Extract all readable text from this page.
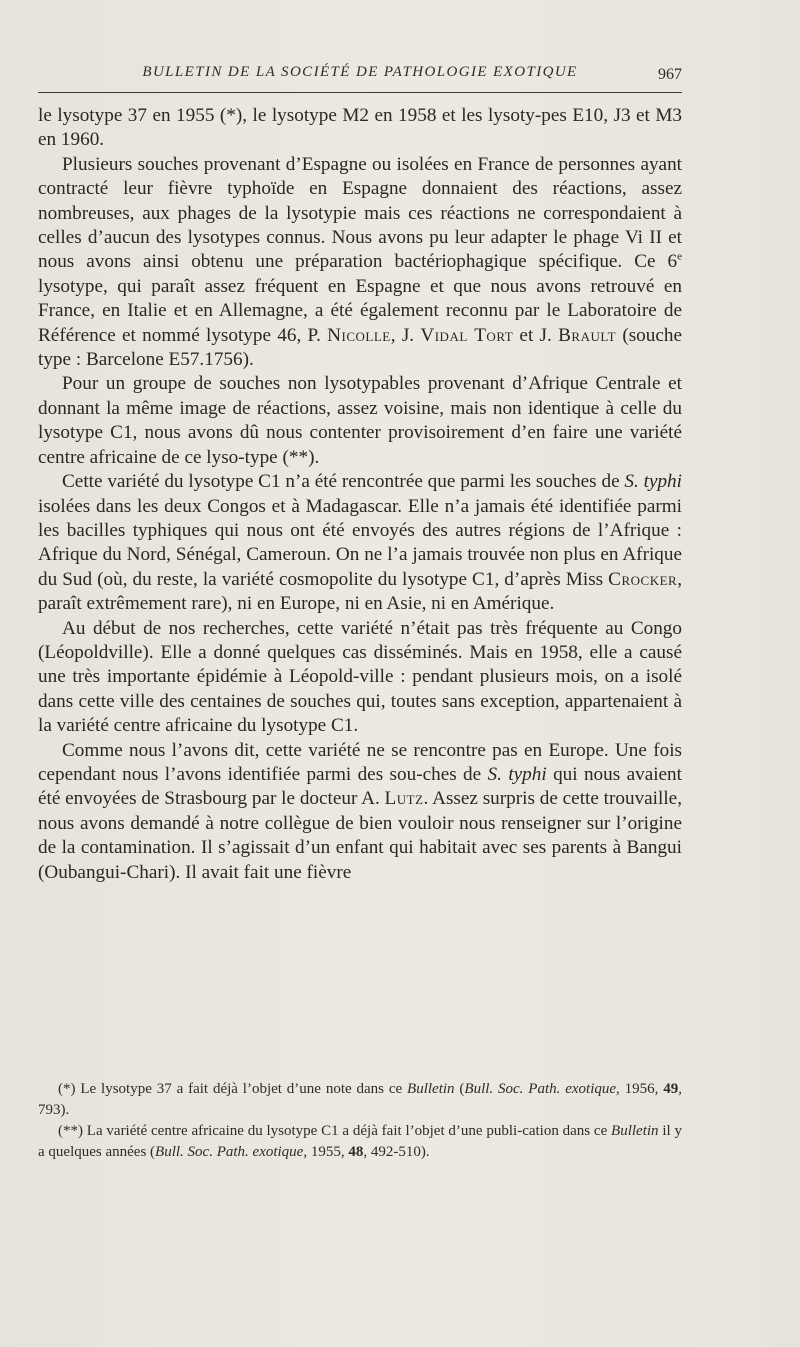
BULLETIN DE LA SOCIÉTÉ DE PATHOLOGIE EXOTIQUE	967

le lysotype 37 en 1955 (*), le lysotype M2 en 1958 et les lysoty-pes E10, J3 et M3 en 1960.

Plusieurs souches provenant d’Espagne ou isolées en France de personnes ayant contracté leur fièvre typhoïde en Espagne donnaient des réactions, assez nombreuses, aux phages de la lysotypie mais ces réactions ne correspondaient à celles d’aucun des lysotypes connus. Nous avons pu leur adapter le phage Vi II et nous avons ainsi obtenu une préparation bactériophagique spécifique. Ce 6e lysotype, qui paraît assez fréquent en Espagne et que nous avons retrouvé en France, en Italie et en Allemagne, a été également reconnu par le Laboratoire de Référence et nommé lysotype 46, P. Nicolle, J. Vidal Tort et J. Brault (souche type : Barcelone E57.1756).

Pour un groupe de souches non lysotypables provenant d’Afrique Centrale et donnant la même image de réactions, assez voisine, mais non identique à celle du lysotype C1, nous avons dû nous contenter provisoirement d’en faire une variété centre africaine de ce lyso-type (**).

Cette variété du lysotype C1 n’a été rencontrée que parmi les souches de S. typhi isolées dans les deux Congos et à Madagascar. Elle n’a jamais été identifiée parmi les bacilles typhiques qui nous ont été envoyés des autres régions de l’Afrique : Afrique du Nord, Sénégal, Cameroun. On ne l’a jamais trouvée non plus en Afrique du Sud (où, du reste, la variété cosmopolite du lysotype C1, d’après Miss Crocker, paraît extrêmement rare), ni en Europe, ni en Asie, ni en Amérique.

Au début de nos recherches, cette variété n’était pas très fréquente au Congo (Léopoldville). Elle a donné quelques cas disséminés. Mais en 1958, elle a causé une très importante épidémie à Léopold-ville : pendant plusieurs mois, on a isolé dans cette ville des centaines de souches qui, toutes sans exception, appartenaient à la variété centre africaine du lysotype C1.

Comme nous l’avons dit, cette variété ne se rencontre pas en Europe. Une fois cependant nous l’avons identifiée parmi des sou-ches de S. typhi qui nous avaient été envoyées de Strasbourg par le docteur A. Lutz. Assez surpris de cette trouvaille, nous avons demandé à notre collègue de bien vouloir nous renseigner sur l’origine de la contamination. Il s’agissait d’un enfant qui habitait avec ses parents à Bangui (Oubangui-Chari). Il avait fait une fièvre

(*) Le lysotype 37 a fait déjà l’objet d’une note dans ce Bulletin (Bull. Soc. Path. exotique, 1956, 49, 793).

(**) La variété centre africaine du lysotype C1 a déjà fait l’objet d’une publi-cation dans ce Bulletin il y a quelques années (Bull. Soc. Path. exotique, 1955, 48, 492-510).
